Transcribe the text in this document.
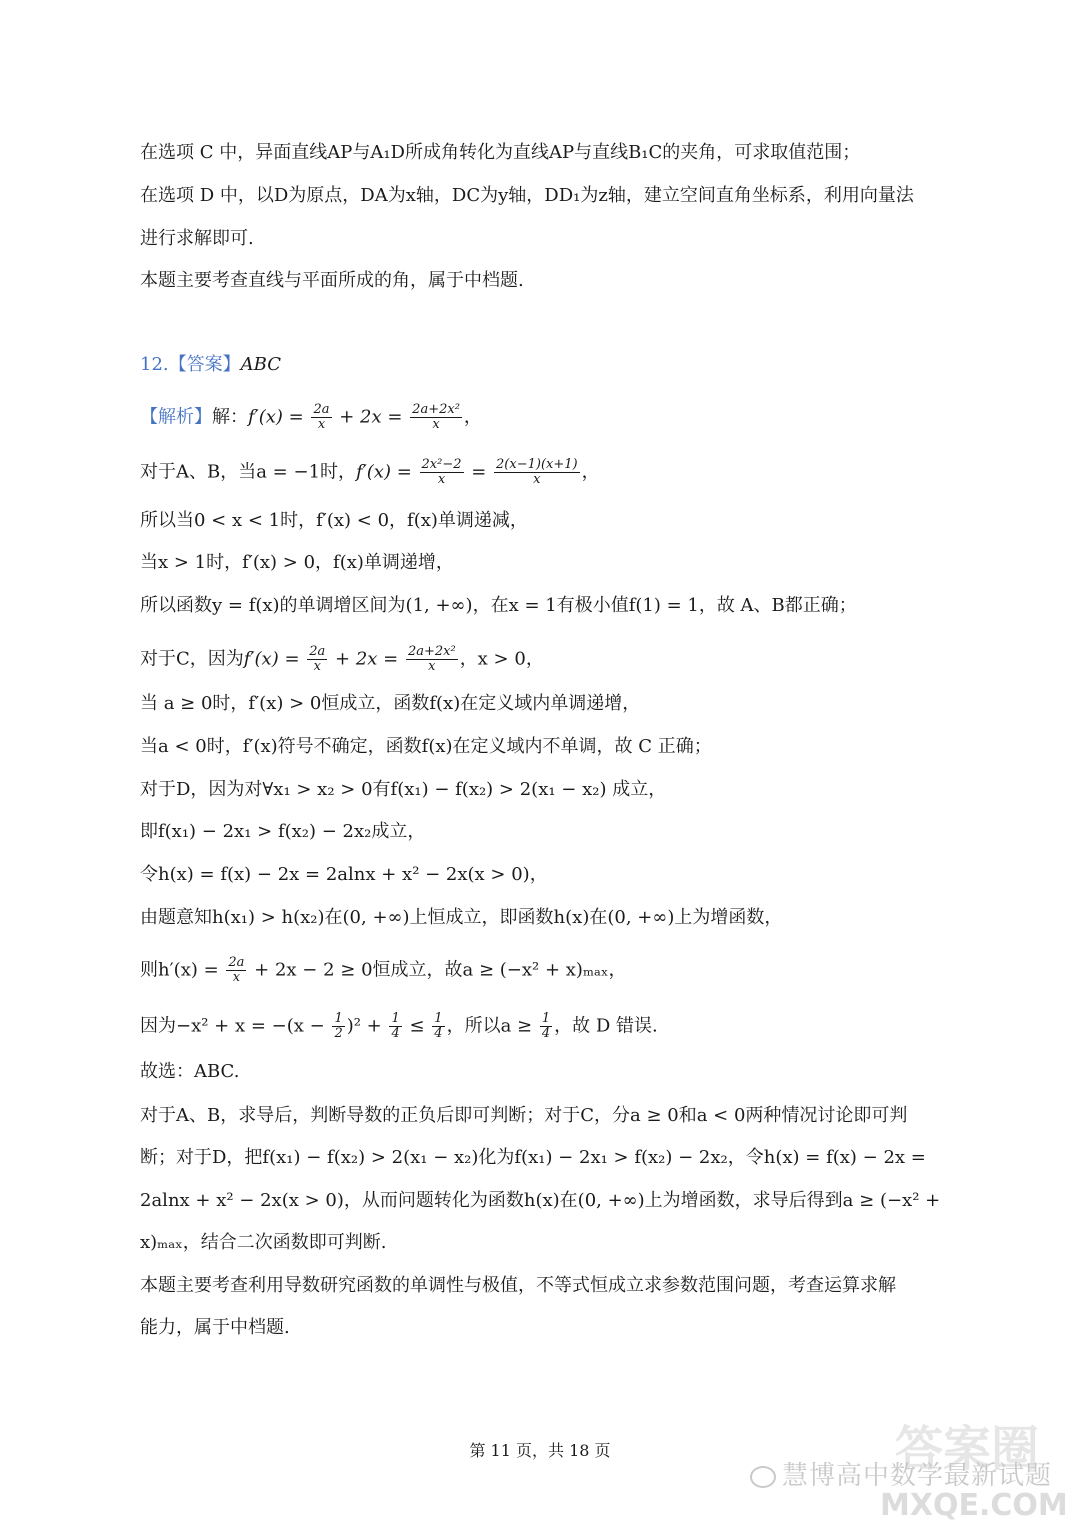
在选项 C 中，异面直线AP与A₁D所成角转化为直线AP与直线B₁C的夹角，可求取值范围；
在选项 D 中，以D为原点，DA为x轴，DC为y轴，DD₁为z轴，建立空间直角坐标系，利用向量法
进行求解即可.
本题主要考查直线与平面所成的角，属于中档题.
12.【答案】ABC
【解析】解：$f'(x) = \frac{2a}{x} + 2x = \frac{\text{2a+2x²}}{x}$ ，
对于A、B，当a = −1时，$f'(x) = \frac{\text{2x²−2}}{x} = \frac{2(x-1)(x+1)}{x}$ ，
所以当0 < x < 1时，f′(x) < 0，f(x)单调递减，
当x > 1时，f′(x) > 0，f(x)单调递增，
所以函数y = f(x)的单调增区间为(1, +∞)，在x = 1有极小值f(1) = 1，故 A、B都正确；
对于C，因为$f'(x) = \frac{2a}{x} + 2x = \frac{\text{2a+2x²}}{x}$ ，x > 0，
当 a ≥ 0时，f′(x) > 0恒成立，函数f(x)在定义域内单调递增，
当a < 0时，f′(x)符号不确定，函数f(x)在定义域内不单调，故 C 正确；
对于D，因为对∀x₁ > x₂ > 0有f(x₁) − f(x₂) > 2(x₁ − x₂) 成立，
即f(x₁) − 2x₁ > f(x₂) − 2x₂成立，
令h(x) = f(x) − 2x = 2alnx + x² − 2x(x > 0)，
由题意知h(x₁) > h(x₂)在(0, +∞)上恒成立，即函数h(x)在(0, +∞)上为增函数，
则$h'(x) = \frac{2a}{x} + 2x - 2 \ge 0$恒成立，故a ≥ (−x² + x)ₘₐₓ，
因为$-x^2 + x = -(x - \frac{1}{2} )^2 + \frac{1}{4} \le \frac{1}{4}$ ，所以$a \ge \frac{1}{4}$ ，故 D 错误.
故选：ABC.
对于A、B，求导后，判断导数的正负后即可判断；对于C，分a ≥ 0和a < 0两种情况讨论即可判
断；对于D，把f(x₁) − f(x₂) > 2(x₁ − x₂)化为f(x₁) − 2x₁ > f(x₂) − 2x₂，令h(x) = f(x) − 2x =
2alnx + x² − 2x(x > 0)，从而问题转化为函数h(x)在(0, +∞)上为增函数，求导后得到a ≥ (−x² +
x)ₘₐₓ，结合二次函数即可判断.
本题主要考查利用导数研究函数的单调性与极值，不等式恒成立求参数范围问题，考查运算求解
能力，属于中档题.
答案圈
第 11 页，共 18 页
慧博高中数学最新试题
MXQE.COM
